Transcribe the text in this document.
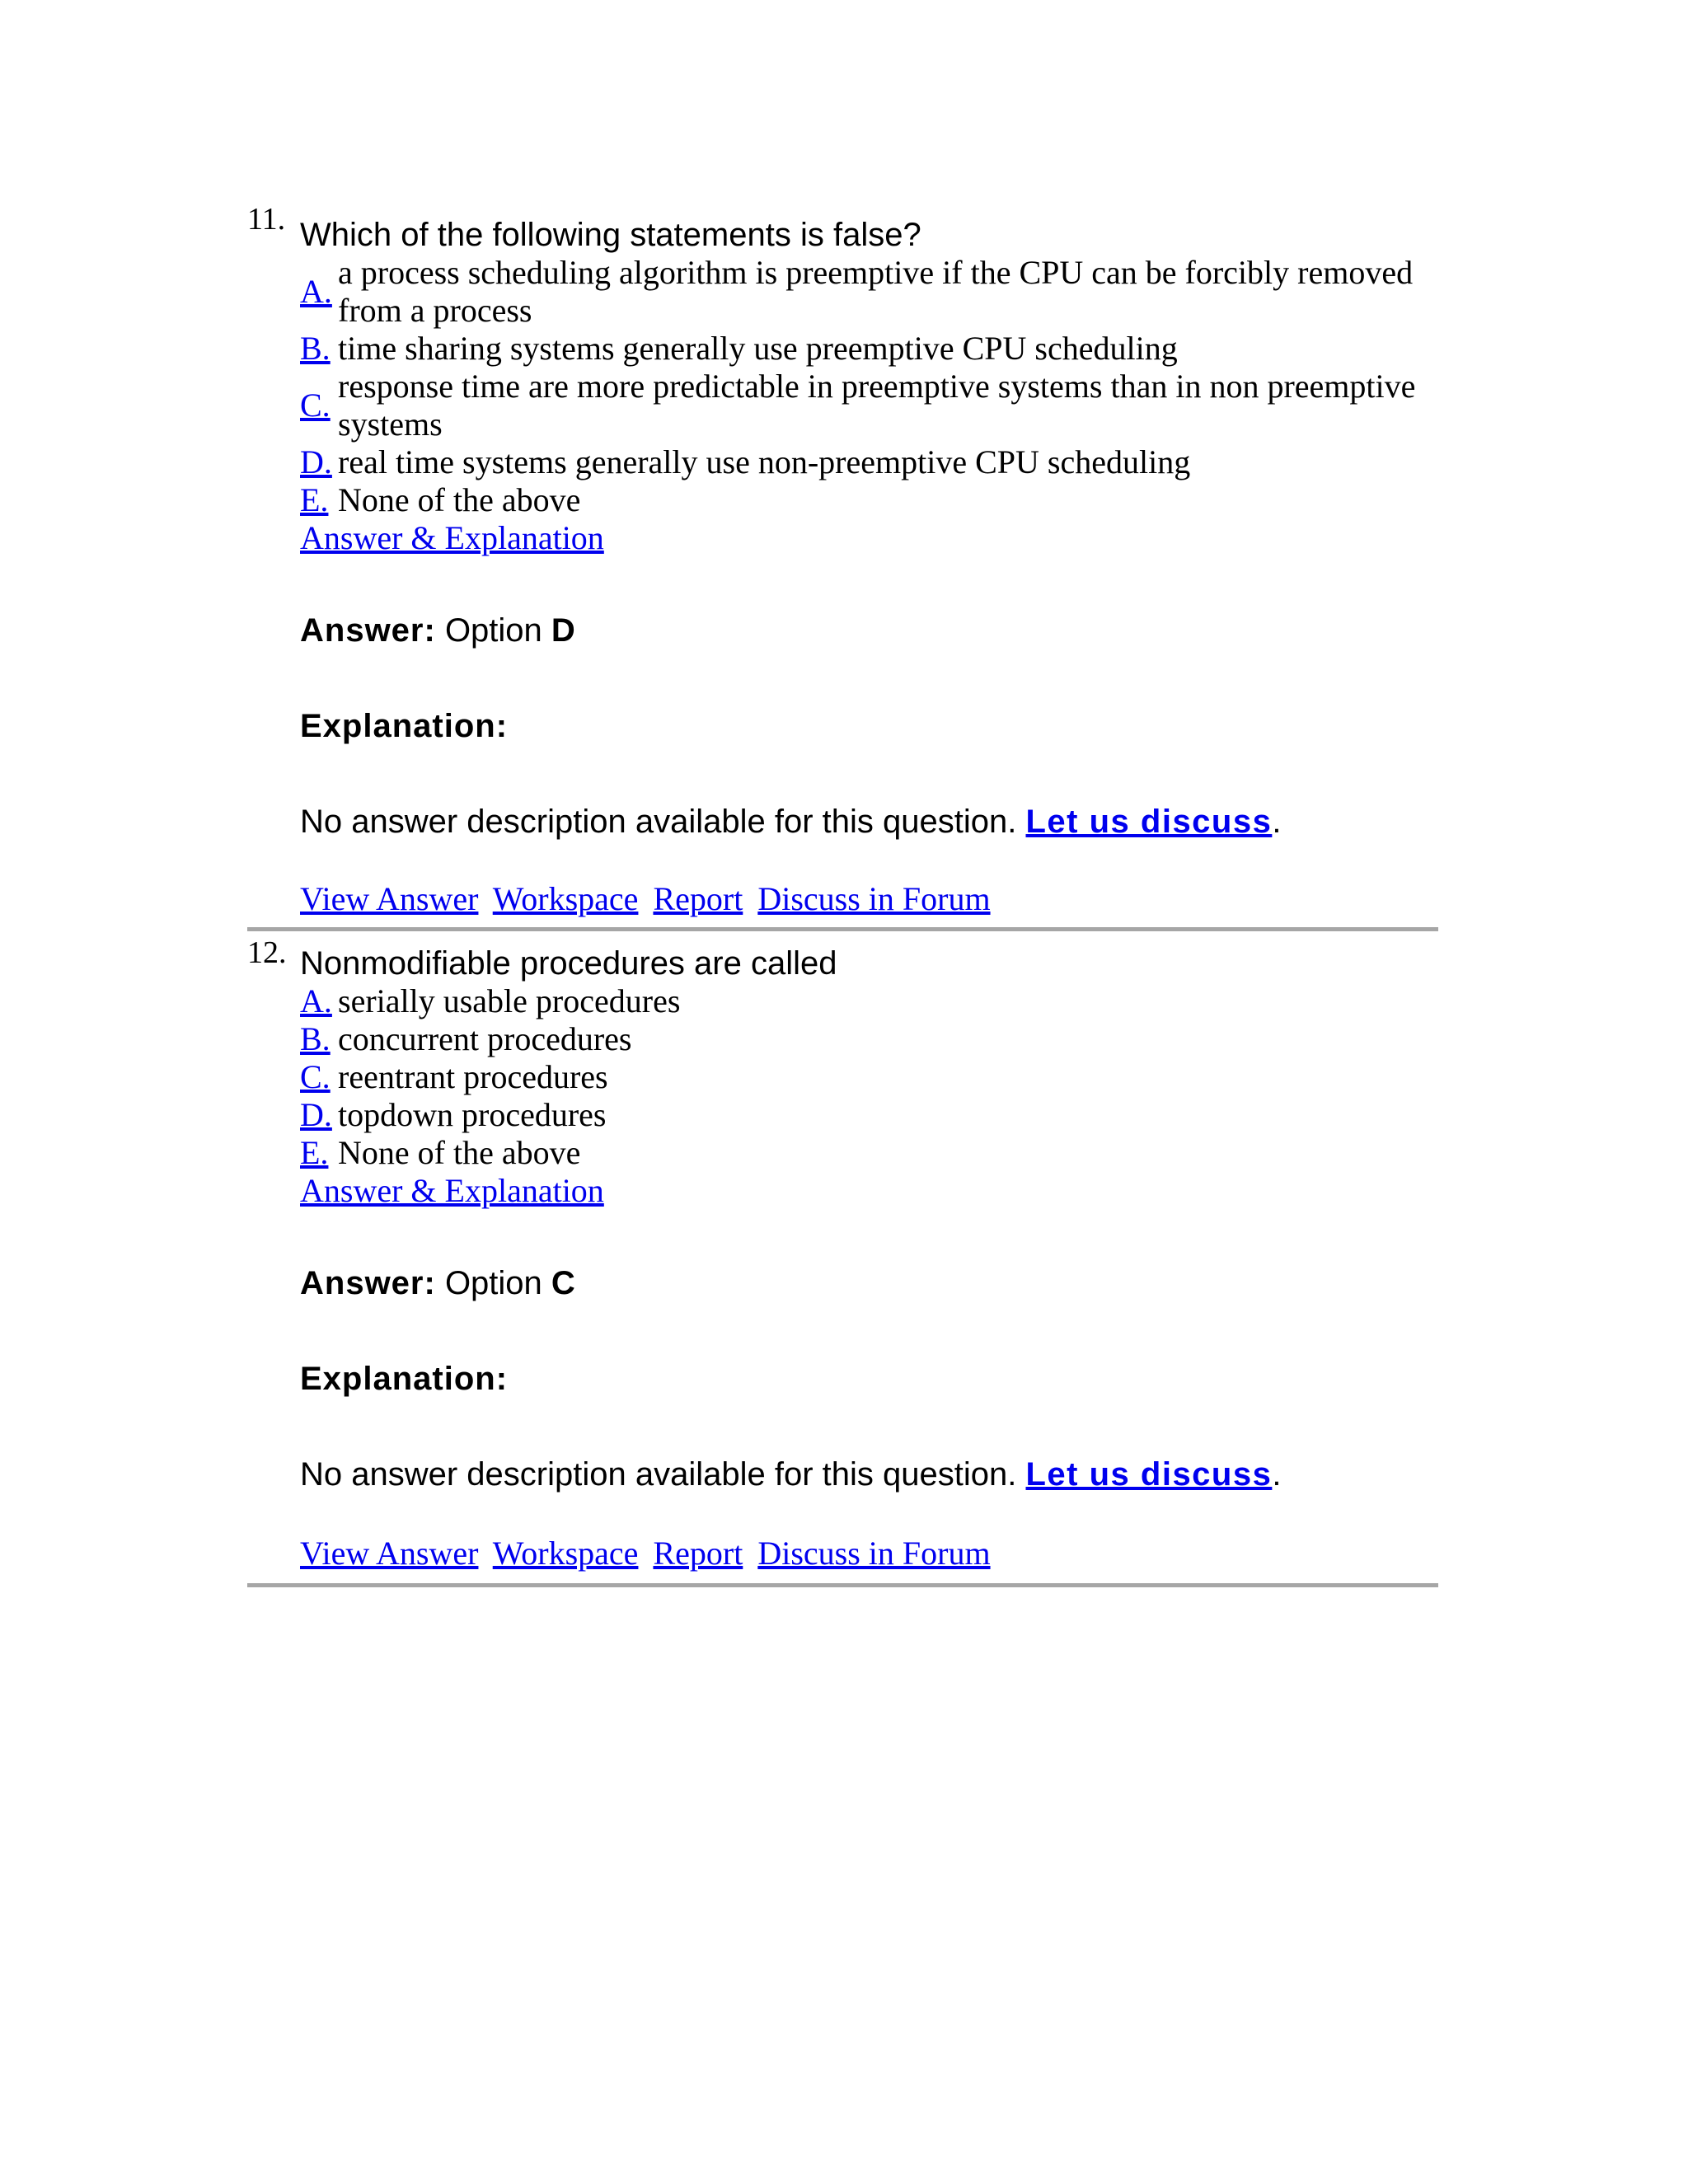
11. Which of the following statements is false?
A.
a process scheduling algorithm is preemptive if the CPU can be forcibly removed from a process
B. time sharing systems generally use preemptive CPU scheduling
C.
response time are more predictable in preemptive systems than in non preemptive systems
D. real time systems generally use non-preemptive CPU scheduling
E. None of the above
Answer & Explanation
Answer: Option D
Explanation:
No answer description available for this question. Let us discuss.
View Answer Workspace Report Discuss in Forum
12. Nonmodifiable procedures are called
A. serially usable procedures
B. concurrent procedures
C. reentrant procedures
D. topdown procedures
E. None of the above
Answer & Explanation
Answer: Option C
Explanation:
No answer description available for this question. Let us discuss.
View Answer Workspace Report Discuss in Forum
